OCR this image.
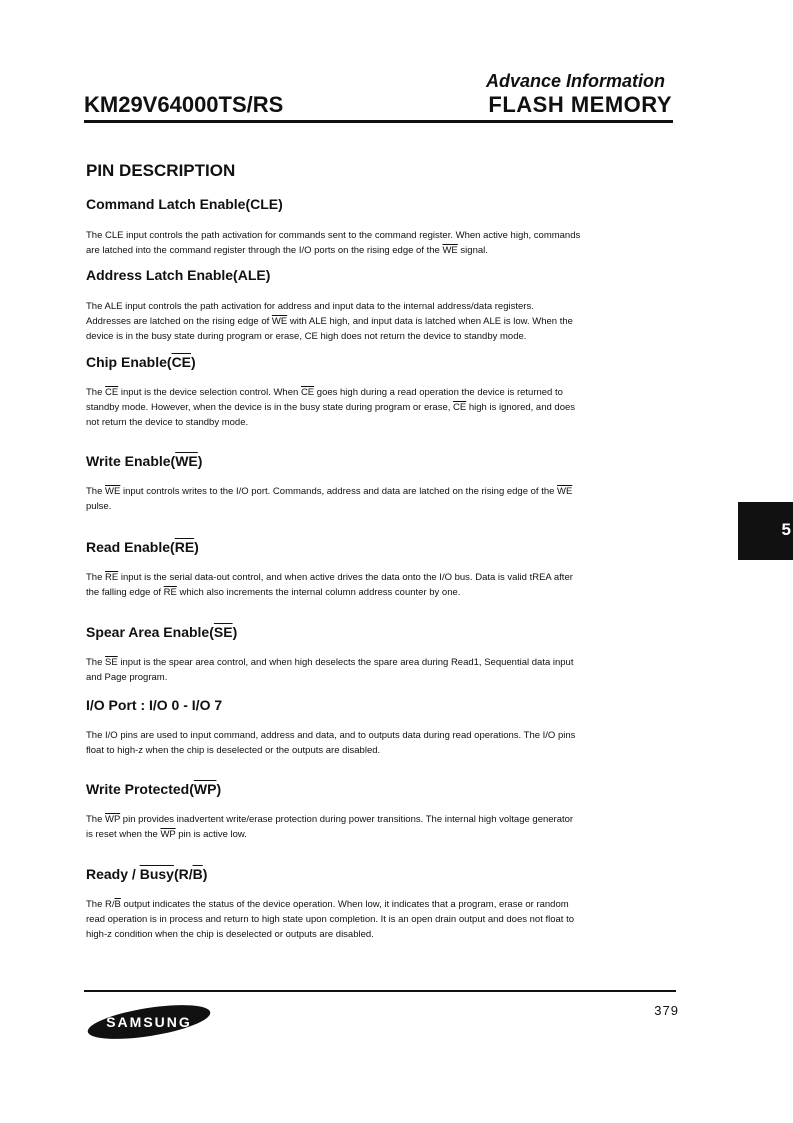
Advance Information

KM29V64000TS/RS	FLASH MEMORY

PIN DESCRIPTION
Command Latch Enable(CLE)
The CLE input controls the path activation for commands sent to the command register. When active high, commands
are latched into the command register through the I/O ports on the rising edge of the $\overline{WE}$ signal.
Address Latch Enable(ALE)
The ALE input controls the path activation for address and input data to the internal address/data registers.
Addresses are latched on the rising edge of $\overline{WE}$ with ALE high, and input data is latched when ALE is low. When the
device is in the busy state during program or erase, CE high does not return the device to standby mode.
Chip Enable(CE)
The $\overline{CE}$ input is the device selection control. When $\overline{CE}$ goes high during a read operation the device is returned to
standby mode. However, when the device is in the busy state during program or erase, $\overline{CE}$ high is ignored, and does
not return the device to standby mode.
Write Enable(WE)
The $\overline{WE}$ input controls writes to the I/O port. Commands, address and data are latched on the rising edge of the $\overline{WE}$
pulse.
Read Enable(RE)
The $\overline{RE}$ input is the serial data-out control, and when active drives the data onto the I/O bus. Data is valid tREA after
the falling edge of $\overline{RE}$ which also increments the internal column address counter by one.
Spear Area Enable(SE)
The $\overline{SE}$ input is the spear area control, and when high deselects the spare area during Read1, Sequential data input
and Page program.
I/O Port : I/O 0 - I/O 7
The I/O pins are used to input command, address and data, and to outputs data during read operations. The I/O pins
float to high-z when the chip is deselected or the outputs are disabled.
Write Protected(WP)
The $\overline{WP}$ pin provides inadvertent write/erase protection during power transitions. The internal high voltage generator
is reset when the $\overline{WP}$ pin is active low.
Ready / Busy(R/B)
The $R/\overline{B}$ output indicates the status of the device operation. When low, it indicates that a program, erase or random
read operation is in process and return to high state upon completion. It is an open drain output and does not float to
high-z condition when the chip is deselected or outputs are disabled.
5

379

SAMSUNG
